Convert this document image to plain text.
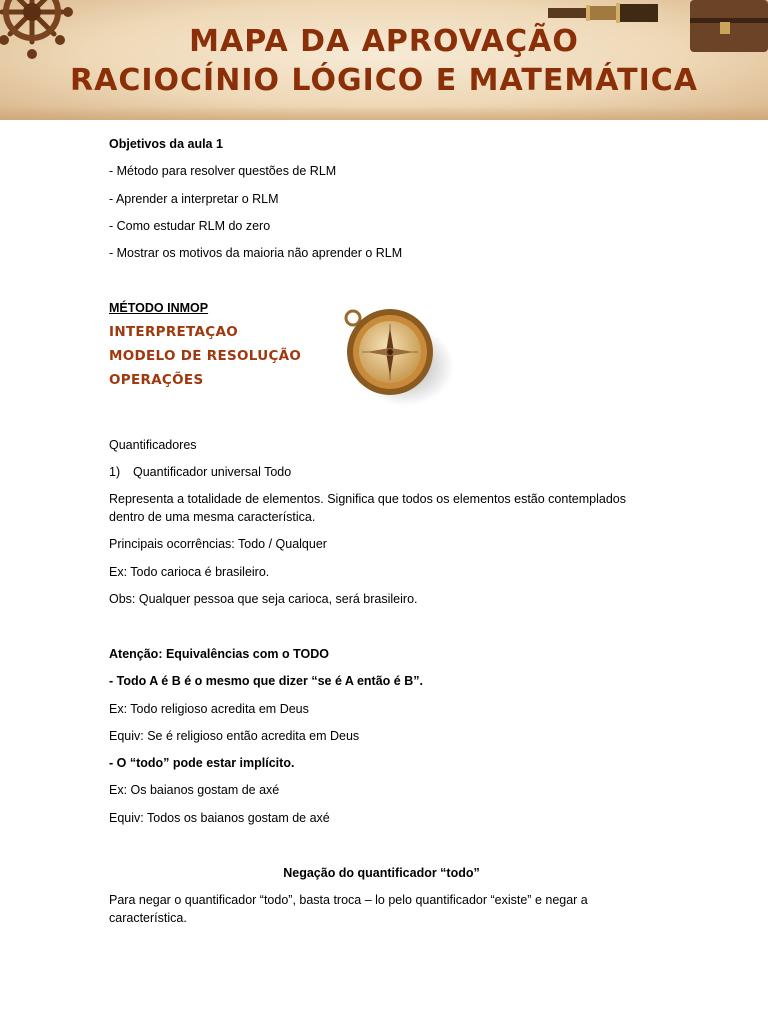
MAPA DA APROVAÇÃO
RACIOCÍNIO LÓGICO E MATEMÁTICA

Objetivos da aula 1

- Método para resolver questões de RLM

- Aprender a interpretar o RLM

- Como estudar RLM do zero

- Mostrar os motivos da maioria não aprender o RLM

MÉTODO INMOP

INTERPRETAÇAO

MODELO DE RESOLUÇÃO

OPERAÇÕES

Quantificadores

1) Quantificador universal Todo

Representa a totalidade de elementos. Significa que todos os elementos estão contemplados dentro de uma mesma característica.

Principais ocorrências: Todo / Qualquer

Ex: Todo carioca é brasileiro.

Obs: Qualquer pessoa que seja carioca, será brasileiro.

Atenção: Equivalências com o TODO

- Todo A é B é o mesmo que dizer “se é A então é B”.

Ex: Todo religioso acredita em Deus

Equiv: Se é religioso então acredita em Deus

- O “todo” pode estar implícito.

Ex: Os baianos gostam de axé

Equiv: Todos os baianos gostam de axé

Negação do quantificador “todo”

Para negar o quantificador “todo”, basta troca – lo pelo quantificador “existe” e negar a característica.
